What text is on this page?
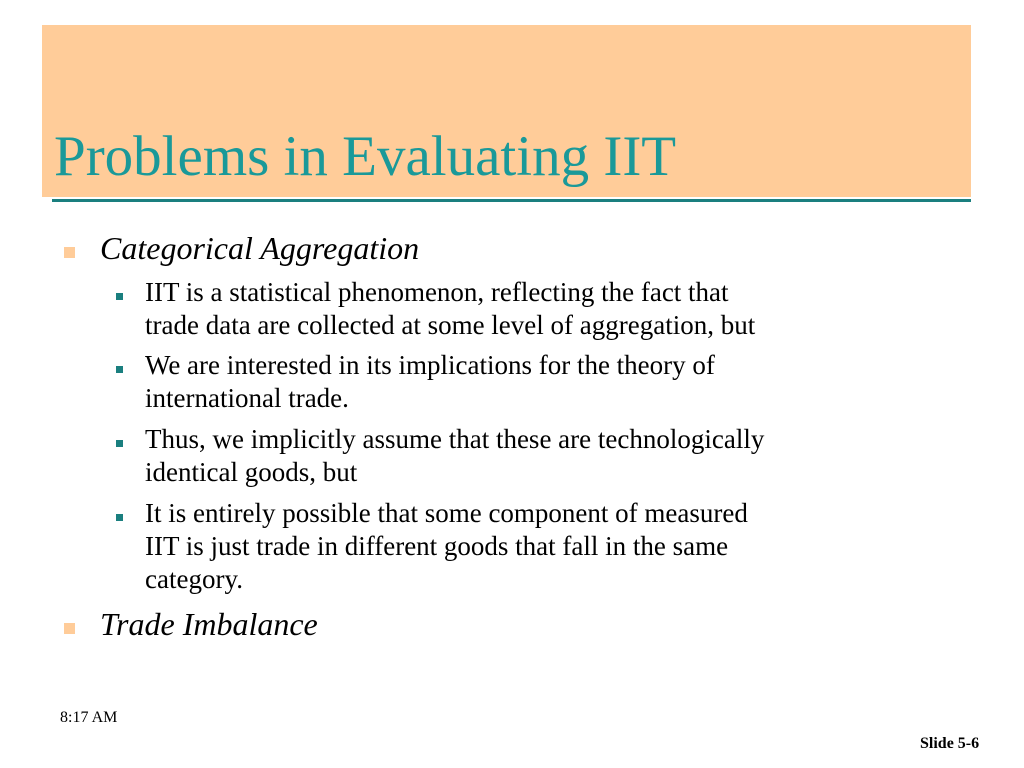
Problems in Evaluating IIT
Categorical Aggregation
IIT is a statistical phenomenon, reflecting the fact that
trade data are collected at some level of aggregation, but
We are interested in its implications for the theory of
international trade.
Thus, we implicitly assume that these are technologically
identical goods, but
It is entirely possible that some component of measured
IIT is just trade in different goods that fall in the same
category.
Trade Imbalance
8:17 AM
Slide 5-6
